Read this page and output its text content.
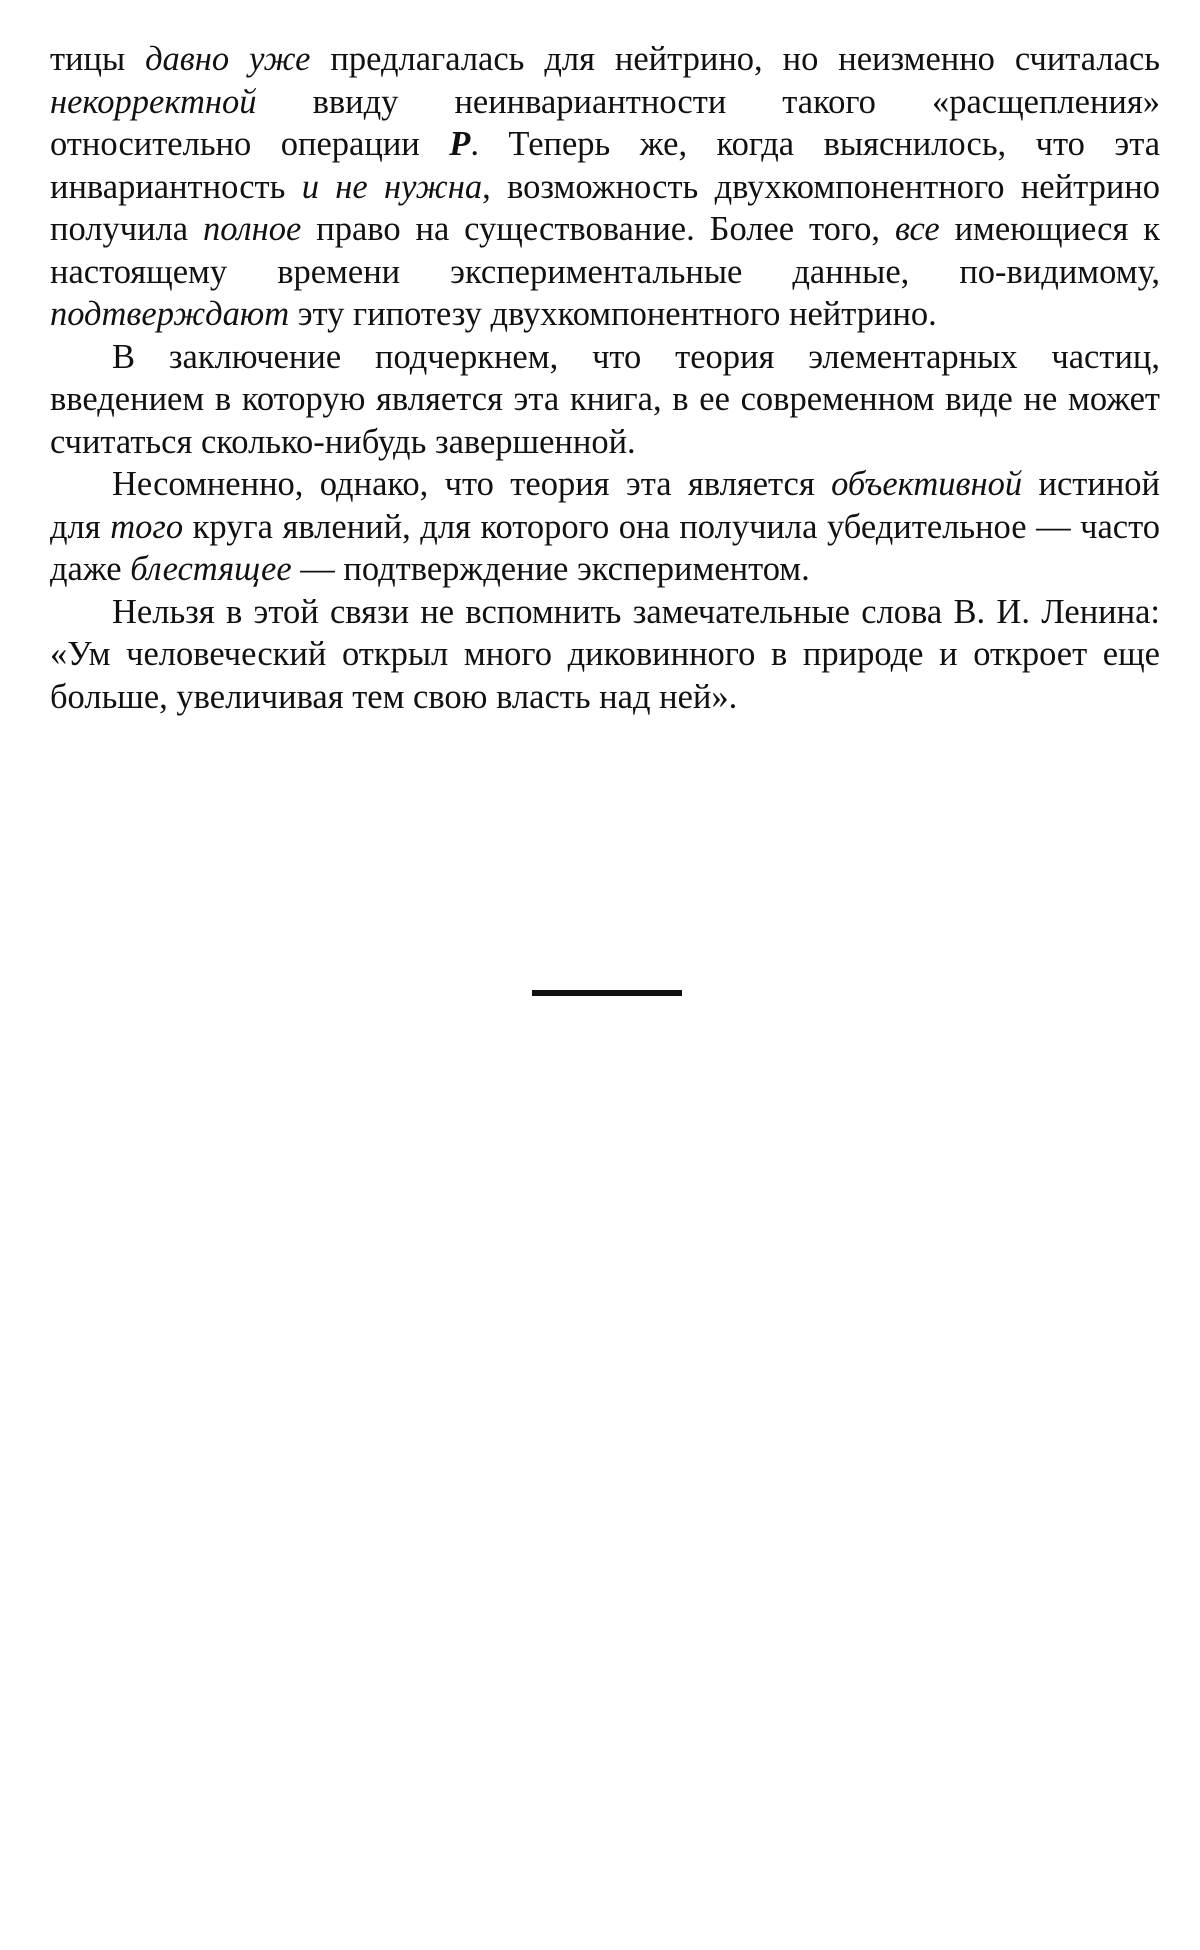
тицы давно уже предлагалась для нейтрино, но неизменно считалась некорректной ввиду неинвариантности такого «расщепления» относительно операции P. Теперь же, когда выяснилось, что эта инвариантность и не нужна, возможность двухкомпонентного нейтрино получила полное право на существование. Более того, все имеющиеся к настоящему времени экспериментальные данные, по-видимому, подтверждают эту гипотезу двухкомпонентного нейтрино.

В заключение подчеркнем, что теория элементарных частиц, введением в которую является эта книга, в ее современном виде не может считаться сколько-нибудь завершенной.

Несомненно, однако, что теория эта является объективной истиной для того круга явлений, для которого она получила убедительное — часто даже блестящее — подтверждение экспериментом.

Нельзя в этой связи не вспомнить замечательные слова В. И. Ленина: «Ум человеческий открыл много диковинного в природе и откроет еще больше, увеличивая тем свою власть над ней».
